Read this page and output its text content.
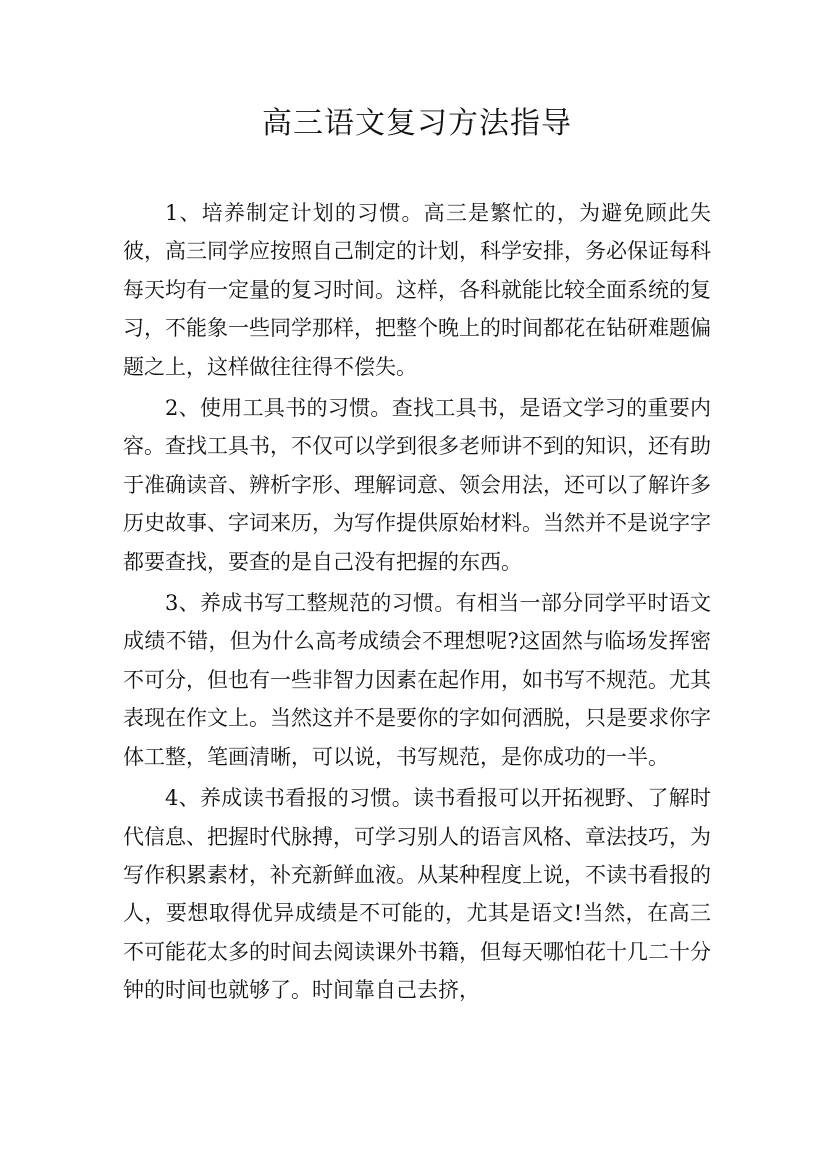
高三语文复习方法指导

1、培养制定计划的习惯。高三是繁忙的，为避免顾此失彼，高三同学应按照自己制定的计划，科学安排，务必保证每科每天均有一定量的复习时间。这样，各科就能比较全面系统的复习，不能象一些同学那样，把整个晚上的时间都花在钻研难题偏题之上，这样做往往得不偿失。

2、使用工具书的习惯。查找工具书，是语文学习的重要内容。查找工具书，不仅可以学到很多老师讲不到的知识，还有助于准确读音、辨析字形、理解词意、领会用法，还可以了解许多历史故事、字词来历，为写作提供原始材料。当然并不是说字字都要查找，要查的是自己没有把握的东西。

3、养成书写工整规范的习惯。有相当一部分同学平时语文成绩不错，但为什么高考成绩会不理想呢?这固然与临场发挥密不可分，但也有一些非智力因素在起作用，如书写不规范。尤其表现在作文上。当然这并不是要你的字如何洒脱，只是要求你字体工整，笔画清晰，可以说，书写规范，是你成功的一半。

4、养成读书看报的习惯。读书看报可以开拓视野、了解时代信息、把握时代脉搏，可学习别人的语言风格、章法技巧，为写作积累素材，补充新鲜血液。从某种程度上说，不读书看报的人，要想取得优异成绩是不可能的，尤其是语文!当然，在高三不可能花太多的时间去阅读课外书籍，但每天哪怕花十几二十分钟的时间也就够了。时间靠自己去挤，
